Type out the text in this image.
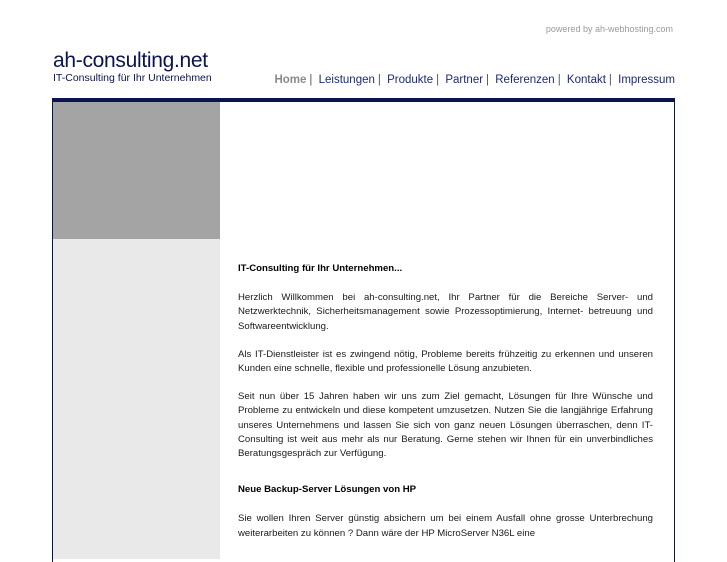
powered by ah-webhosting.com
ah-consulting.net
IT-Consulting für Ihr Unternehmen	Home | Leistungen | Produkte | Partner | Referenzen | Kontakt | Impressum
IT-Consulting für Ihr Unternehmen...

Herzlich Willkommen bei ah-consulting.net, Ihr Partner für die Bereiche Server- und Netzwerktechnik, Sicherheitsmanagement sowie Prozessoptimierung, Internet- betreuung und Softwareentwicklung.

Als IT-Dienstleister ist es zwingend nötig, Probleme bereits frühzeitig zu erkennen und unseren Kunden eine schnelle, flexible und professionelle Lösung anzubieten.

Seit nun über 15 Jahren haben wir uns zum Ziel gemacht, Lösungen für Ihre Wünsche und Probleme zu entwickeln und diese kompetent umzusetzen. Nutzen Sie die langjährige Erfahrung unseres Unternehmens und lassen Sie sich von ganz neuen Lösungen überraschen, denn IT-Consulting ist weit aus mehr als nur Beratung. Gerne stehen wir Ihnen für ein unverbindliches Beratungsgespräch zur Verfügung.

Neue Backup-Server Lösungen von HP

Sie wollen Ihren Server günstig absichern um bei einem Ausfall ohne grosse Unterbrechung weiterarbeiten zu können ? Dann wäre der HP MicroServer N36L eine
